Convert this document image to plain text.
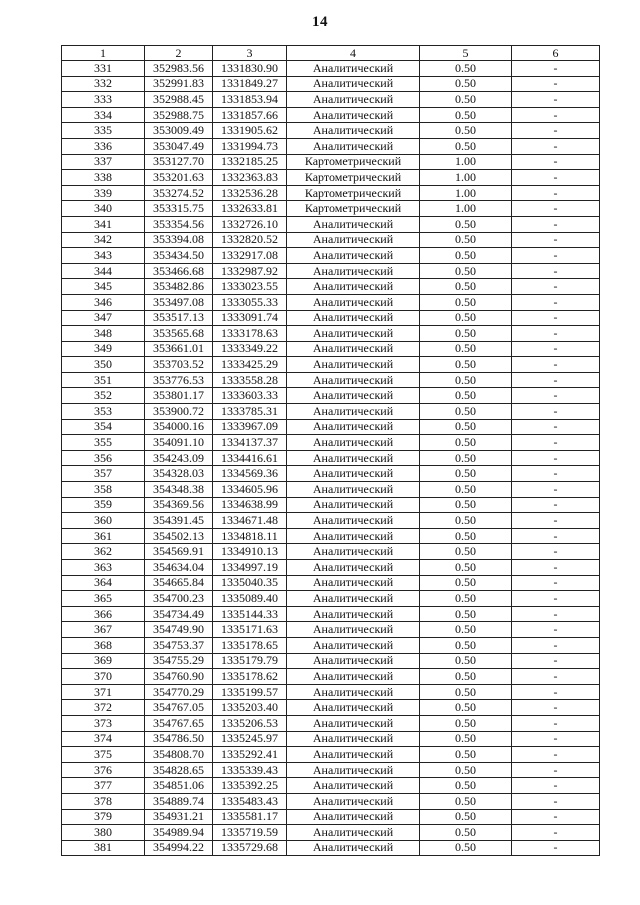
14
1	2	3	4	5	6
331	352983.56	1331830.90	Аналитический	0.50	-
332	352991.83	1331849.27	Аналитический	0.50	-
333	352988.45	1331853.94	Аналитический	0.50	-
334	352988.75	1331857.66	Аналитический	0.50	-
335	353009.49	1331905.62	Аналитический	0.50	-
336	353047.49	1331994.73	Аналитический	0.50	-
337	353127.70	1332185.25	Картометрический	1.00	-
338	353201.63	1332363.83	Картометрический	1.00	-
339	353274.52	1332536.28	Картометрический	1.00	-
340	353315.75	1332633.81	Картометрический	1.00	-
341	353354.56	1332726.10	Аналитический	0.50	-
342	353394.08	1332820.52	Аналитический	0.50	-
343	353434.50	1332917.08	Аналитический	0.50	-
344	353466.68	1332987.92	Аналитический	0.50	-
345	353482.86	1333023.55	Аналитический	0.50	-
346	353497.08	1333055.33	Аналитический	0.50	-
347	353517.13	1333091.74	Аналитический	0.50	-
348	353565.68	1333178.63	Аналитический	0.50	-
349	353661.01	1333349.22	Аналитический	0.50	-
350	353703.52	1333425.29	Аналитический	0.50	-
351	353776.53	1333558.28	Аналитический	0.50	-
352	353801.17	1333603.33	Аналитический	0.50	-
353	353900.72	1333785.31	Аналитический	0.50	-
354	354000.16	1333967.09	Аналитический	0.50	-
355	354091.10	1334137.37	Аналитический	0.50	-
356	354243.09	1334416.61	Аналитический	0.50	-
357	354328.03	1334569.36	Аналитический	0.50	-
358	354348.38	1334605.96	Аналитический	0.50	-
359	354369.56	1334638.99	Аналитический	0.50	-
360	354391.45	1334671.48	Аналитический	0.50	-
361	354502.13	1334818.11	Аналитический	0.50	-
362	354569.91	1334910.13	Аналитический	0.50	-
363	354634.04	1334997.19	Аналитический	0.50	-
364	354665.84	1335040.35	Аналитический	0.50	-
365	354700.23	1335089.40	Аналитический	0.50	-
366	354734.49	1335144.33	Аналитический	0.50	-
367	354749.90	1335171.63	Аналитический	0.50	-
368	354753.37	1335178.65	Аналитический	0.50	-
369	354755.29	1335179.79	Аналитический	0.50	-
370	354760.90	1335178.62	Аналитический	0.50	-
371	354770.29	1335199.57	Аналитический	0.50	-
372	354767.05	1335203.40	Аналитический	0.50	-
373	354767.65	1335206.53	Аналитический	0.50	-
374	354786.50	1335245.97	Аналитический	0.50	-
375	354808.70	1335292.41	Аналитический	0.50	-
376	354828.65	1335339.43	Аналитический	0.50	-
377	354851.06	1335392.25	Аналитический	0.50	-
378	354889.74	1335483.43	Аналитический	0.50	-
379	354931.21	1335581.17	Аналитический	0.50	-
380	354989.94	1335719.59	Аналитический	0.50	-
381	354994.22	1335729.68	Аналитический	0.50	-
